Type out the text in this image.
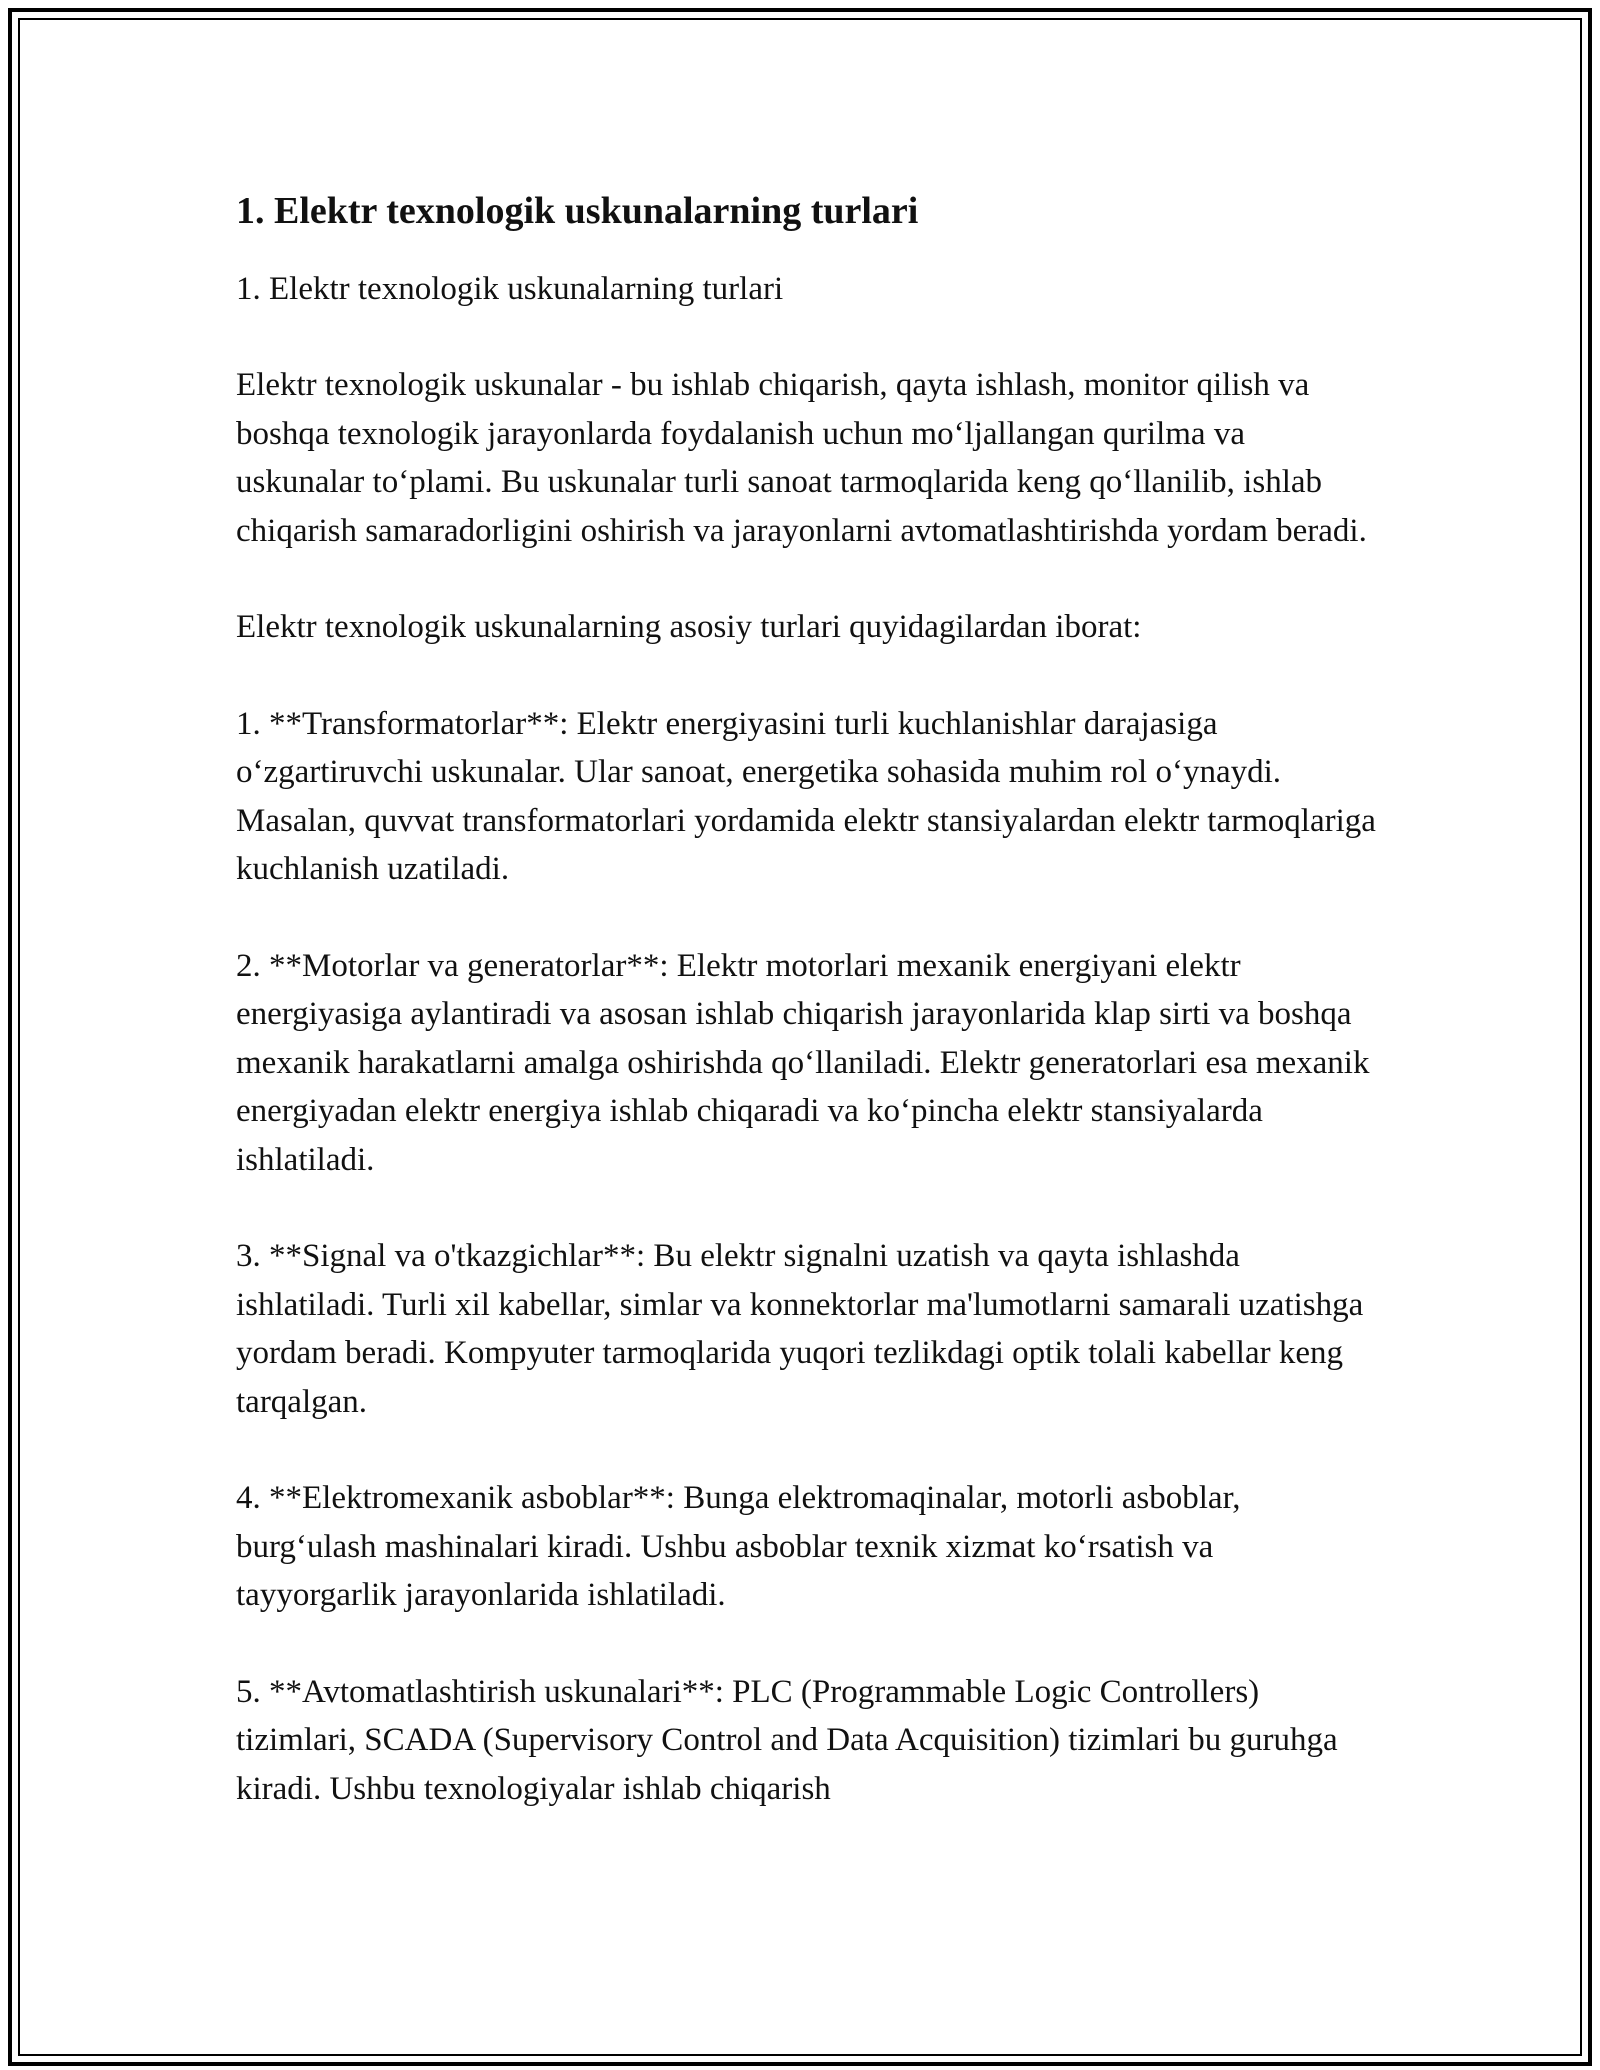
1. Elektr texnologik uskunalarning turlari

1. Elektr texnologik uskunalarning turlari

Elektr texnologik uskunalar - bu ishlab chiqarish, qayta ishlash, monitor qilish va boshqa texnologik jarayonlarda foydalanish uchun mo‘ljallangan qurilma va uskunalar to‘plami. Bu uskunalar turli sanoat tarmoqlarida keng qo‘llanilib, ishlab chiqarish samaradorligini oshirish va jarayonlarni avtomatlashtirishda yordam beradi.

Elektr texnologik uskunalarning asosiy turlari quyidagilardan iborat:

1. **Transformatorlar**: Elektr energiyasini turli kuchlanishlar darajasiga o‘zgartiruvchi uskunalar. Ular sanoat, energetika sohasida muhim rol o‘ynaydi. Masalan, quvvat transformatorlari yordamida elektr stansiyalardan elektr tarmoqlariga kuchlanish uzatiladi.

2. **Motorlar va generatorlar**: Elektr motorlari mexanik energiyani elektr energiyasiga aylantiradi va asosan ishlab chiqarish jarayonlarida klap sirti va boshqa mexanik harakatlarni amalga oshirishda qo‘llaniladi. Elektr generatorlari esa mexanik energiyadan elektr energiya ishlab chiqaradi va ko‘pincha elektr stansiyalarda ishlatiladi.

3. **Signal va o'tkazgichlar**: Bu elektr signalni uzatish va qayta ishlashda ishlatiladi. Turli xil kabellar, simlar va konnektorlar ma'lumotlarni samarali uzatishga yordam beradi. Kompyuter tarmoqlarida yuqori tezlikdagi optik tolali kabellar keng tarqalgan.

4. **Elektromexanik asboblar**: Bunga elektromaqinalar, motorli asboblar, burg‘ulash mashinalari kiradi. Ushbu asboblar texnik xizmat ko‘rsatish va tayyorgarlik jarayonlarida ishlatiladi.

5. **Avtomatlashtirish uskunalari**: PLC (Programmable Logic Controllers) tizimlari, SCADA (Supervisory Control and Data Acquisition) tizimlari bu guruhga kiradi. Ushbu texnologiyalar ishlab chiqarish
